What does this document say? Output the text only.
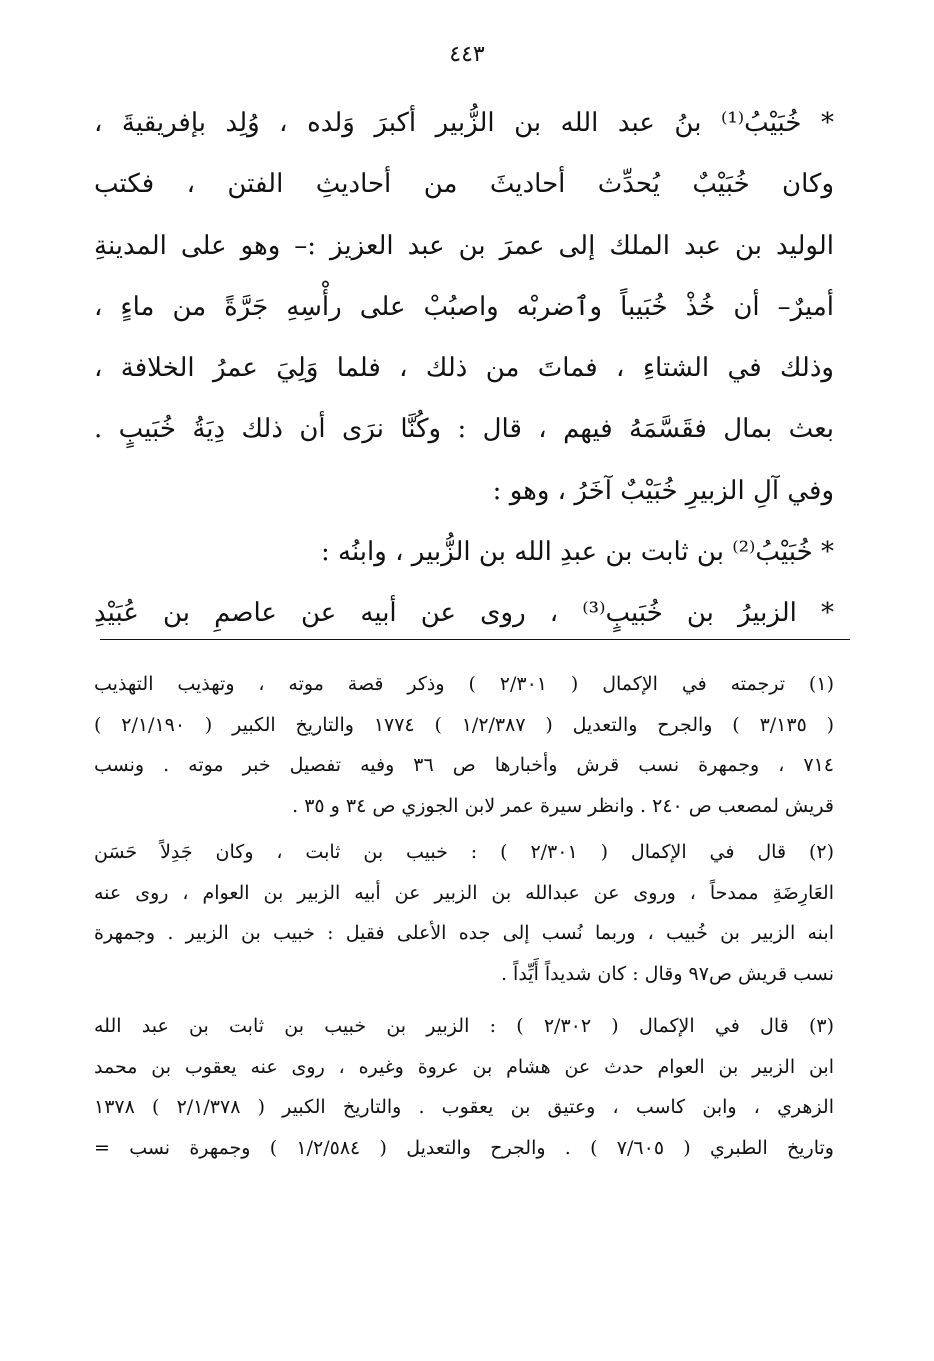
٤٤٣
* خُبَيْبُ⁽¹⁾ بنُ عبد الله بن الزُّبير أكبرَ وَلده ، وُلِد بإفريقيةَ ،
وكان خُبَيْبٌ يُحدِّث أحاديثَ من أحاديثِ الفتن ، فكتب
الوليد بن عبد الملك إلى عمرَ بن عبد العزيز :– وهو على المدينةِ
أميرٌ– أن خُذْ خُبَيباً وٱضربْه واصبُبْ على رأْسِهِ جَرَّةً من ماءٍ ،
وذلك في الشتاءِ ، فماتَ من ذلك ، فلما وَلِيَ عمرُ الخلافة ،
بعث بمال فقَسَّمَهُ فيهم ، قال : وكُنَّا نرَى أن ذلك دِيَةُ خُبَيبٍ .
وفي آلِ الزبيرِ خُبَيْبٌ آخَرُ ، وهو :
* خُبَيْبُ⁽²⁾ بن ثابت بن عبدِ الله بن الزُّبير ، وابنُه :
* الزبيرُ بن خُبَيبٍ⁽³⁾ ، روى عن أبيه عن عاصمِ بن عُبَيْدِ
(١) ترجمته في الإكمال ( ٢/٣٠١ ) وذكر قصة موته ، وتهذيب التهذيب
( ٣/١٣٥ ) والجرح والتعديل ( ١/٢/٣٨٧ ) ١٧٧٤ والتاريخ الكبير ( ٢/١/١٩٠ )
٧١٤ ، وجمهرة نسب قرش وأخبارها ص ٣٦ وفيه تفصيل خبر موته . ونسب
قريش لمصعب ص ٢٤٠ . وانظر سيرة عمر لابن الجوزي ص ٣٤ و ٣٥ .
(٢) قال في الإكمال ( ٢/٣٠١ ) : خبيب بن ثابت ، وكان جَدِلاً حَسَن
العَارِضَةِ ممدحاً ، وروى عن عبدالله بن الزبير عن أبيه الزبير بن العوام ، روى عنه
ابنه الزبير بن خُبيب ، وربما نُسب إلى جده الأعلى فقيل : خبيب بن الزبير . وجمهرة
نسب قريش ص٩٧ وقال : كان شديداً أَيِّداً .
(٣) قال في الإكمال ( ٢/٣٠٢ ) : الزبير بن خبيب بن ثابت بن عبد الله
ابن الزبير بن العوام حدث عن هشام بن عروة وغيره ، روى عنه يعقوب بن محمد
الزهري ، وابن كاسب ، وعتيق بن يعقوب . والتاريخ الكبير ( ٢/١/٣٧٨ ) ١٣٧٨
وتاريخ الطبري ( ٧/٦٠٥ ) . والجرح والتعديل ( ١/٢/٥٨٤ ) وجمهرة نسب =
